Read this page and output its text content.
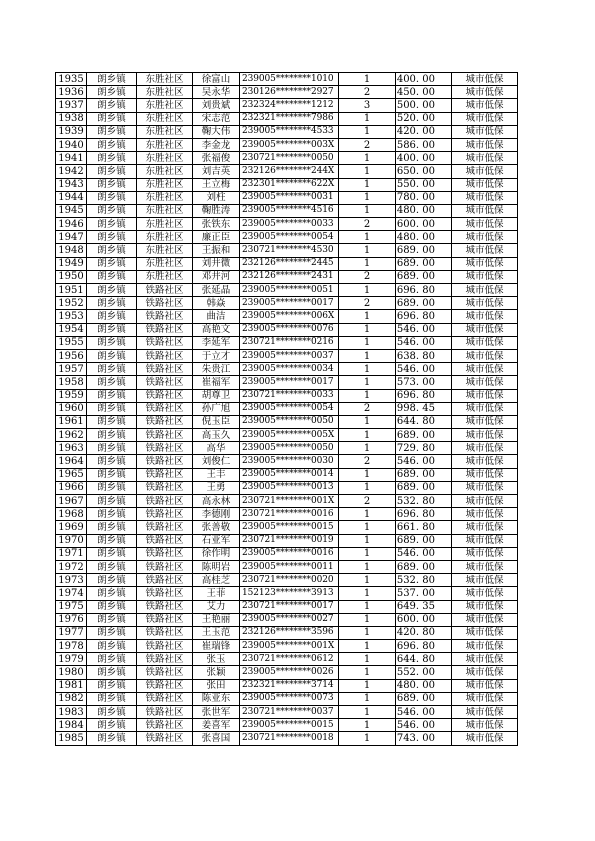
1935	朗乡镇	东胜社区	徐富山	239005********1010	1	400. 00	城市低保
1936	朗乡镇	东胜社区	吴永华	230126********2927	2	450. 00	城市低保
1937	朗乡镇	东胜社区	刘贵斌	232324********1212	3	500. 00	城市低保
1938	朗乡镇	东胜社区	宋志范	232321********7986	1	520. 00	城市低保
1939	朗乡镇	东胜社区	鞠大伟	239005********4533	1	420. 00	城市低保
1940	朗乡镇	东胜社区	李金龙	239005********003X	2	586. 00	城市低保
1941	朗乡镇	东胜社区	张福俊	230721********0050	1	400. 00	城市低保
1942	朗乡镇	东胜社区	刘吉英	232126********244X	1	650. 00	城市低保
1943	朗乡镇	东胜社区	王立梅	232301********622X	1	550. 00	城市低保
1944	朗乡镇	东胜社区	刘柱	239005********0031	1	780. 00	城市低保
1945	朗乡镇	东胜社区	鞠胜涛	239005********4516	1	480. 00	城市低保
1946	朗乡镇	东胜社区	张铁东	239005********0033	2	600. 00	城市低保
1947	朗乡镇	东胜社区	廉正臣	239005********0054	1	480. 00	城市低保
1948	朗乡镇	东胜社区	王振和	230721********4530	1	689. 00	城市低保
1949	朗乡镇	东胜社区	刘井微	232126********2445	1	689. 00	城市低保
1950	朗乡镇	东胜社区	邓井河	232126********2431	2	689. 00	城市低保
1951	朗乡镇	铁路社区	张延晶	239005********0051	1	696. 80	城市低保
1952	朗乡镇	铁路社区	韩焱	239005********0017	2	689. 00	城市低保
1953	朗乡镇	铁路社区	曲洁	239005********006X	1	696. 80	城市低保
1954	朗乡镇	铁路社区	高艳文	239005********0076	1	546. 00	城市低保
1955	朗乡镇	铁路社区	李延军	230721********0216	1	546. 00	城市低保
1956	朗乡镇	铁路社区	于立才	239005********0037	1	638. 80	城市低保
1957	朗乡镇	铁路社区	朱贵江	239005********0034	1	546. 00	城市低保
1958	朗乡镇	铁路社区	崔福军	239005********0017	1	573. 00	城市低保
1959	朗乡镇	铁路社区	胡尊卫	230721********0033	1	696. 80	城市低保
1960	朗乡镇	铁路社区	孙广旭	239005********0054	2	998. 45	城市低保
1961	朗乡镇	铁路社区	倪玉臣	239005********0050	1	644. 80	城市低保
1962	朗乡镇	铁路社区	高玉久	239005********005X	1	689. 00	城市低保
1963	朗乡镇	铁路社区	高华	239005********0050	1	729. 80	城市低保
1964	朗乡镇	铁路社区	刘俊仁	239005********0030	2	546. 00	城市低保
1965	朗乡镇	铁路社区	王丰	239005********0014	1	689. 00	城市低保
1966	朗乡镇	铁路社区	王勇	239005********0013	1	689. 00	城市低保
1967	朗乡镇	铁路社区	高永林	230721********001X	2	532. 80	城市低保
1968	朗乡镇	铁路社区	李德刚	230721********0016	1	696. 80	城市低保
1969	朗乡镇	铁路社区	张善敬	239005********0015	1	661. 80	城市低保
1970	朗乡镇	铁路社区	石亚军	230721********0019	1	689. 00	城市低保
1971	朗乡镇	铁路社区	徐作明	239005********0016	1	546. 00	城市低保
1972	朗乡镇	铁路社区	陈明岩	239005********0011	1	689. 00	城市低保
1973	朗乡镇	铁路社区	高桂芝	230721********0020	1	532. 80	城市低保
1974	朗乡镇	铁路社区	王菲	152123********3913	1	537. 00	城市低保
1975	朗乡镇	铁路社区	艾力	230721********0017	1	649. 35	城市低保
1976	朗乡镇	铁路社区	王艳丽	239005********0027	1	600. 00	城市低保
1977	朗乡镇	铁路社区	王玉范	232126********3596	1	420. 80	城市低保
1978	朗乡镇	铁路社区	崔瑞锋	239005********001X	1	696. 80	城市低保
1979	朗乡镇	铁路社区	张玉	230721********0612	1	644. 80	城市低保
1980	朗乡镇	铁路社区	张颖	239005********0026	1	552. 00	城市低保
1981	朗乡镇	铁路社区	张田	232321********3714	1	480. 00	城市低保
1982	朗乡镇	铁路社区	陈亚东	239005********0073	1	689. 00	城市低保
1983	朗乡镇	铁路社区	张世军	230721********0037	1	546. 00	城市低保
1984	朗乡镇	铁路社区	姜喜军	239005********0015	1	546. 00	城市低保
1985	朗乡镇	铁路社区	张喜国	230721********0018	1	743. 00	城市低保
